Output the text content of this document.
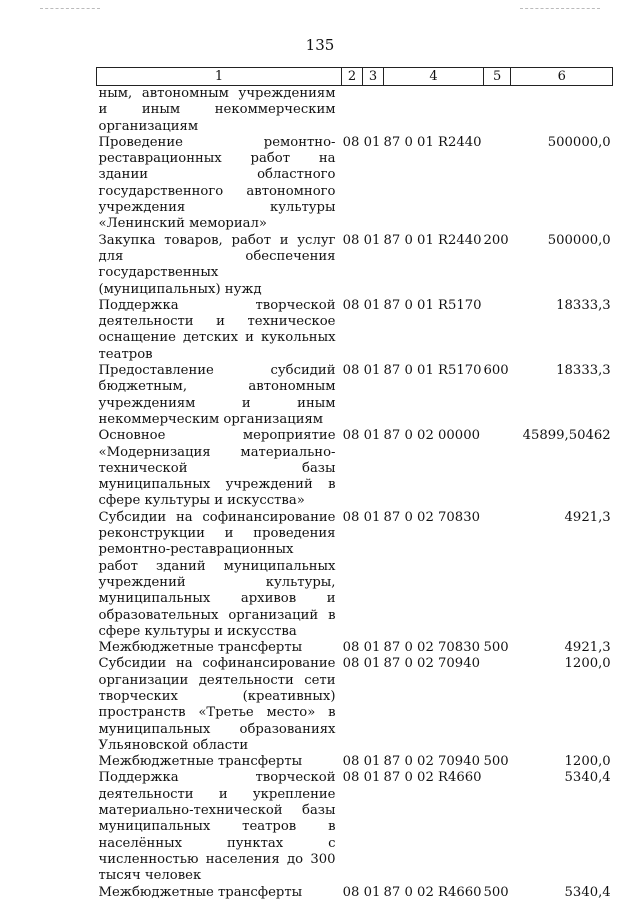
135
1	2	3	4	5	6
ным, автономным учреждениям и иным некоммерческим организациям					
Проведение ремонтно-реставрационных работ на здании областного государственного автономного учреждения культуры «Ленинский мемориал»	08	01	87 0 01 R2440		500000,0
Закупка товаров, работ и услуг для обеспечения государственных (муниципальных) нужд	08	01	87 0 01 R2440	200	500000,0
Поддержка творческой деятельности и техническое оснащение детских и кукольных театров	08	01	87 0 01 R5170		18333,3
Предоставление субсидий бюджетным, автономным учреждениям и иным некоммерческим организациям	08	01	87 0 01 R5170	600	18333,3
Основное мероприятие «Модернизация материально-технической базы муниципальных учреждений в сфере культуры и искусства»	08	01	87 0 02 00000		45899,50462
Субсидии на софинансирование реконструкции и проведения ремонтно-реставрационных работ зданий муниципальных учреждений культуры, муниципальных архивов и образовательных организаций в сфере культуры и искусства	08	01	87 0 02 70830		4921,3
Межбюджетные трансферты	08	01	87 0 02 70830	500	4921,3
Субсидии на софинансирование организации деятельности сети творческих (креативных) пространств «Третье место» в муниципальных образованиях Ульяновской области	08	01	87 0 02 70940		1200,0
Межбюджетные трансферты	08	01	87 0 02 70940	500	1200,0
Поддержка творческой деятельности и укрепление материально-технической базы муниципальных театров в населённых пунктах с численностью населения до 300 тысяч человек	08	01	87 0 02 R4660		5340,4
Межбюджетные трансферты	08	01	87 0 02 R4660	500	5340,4
